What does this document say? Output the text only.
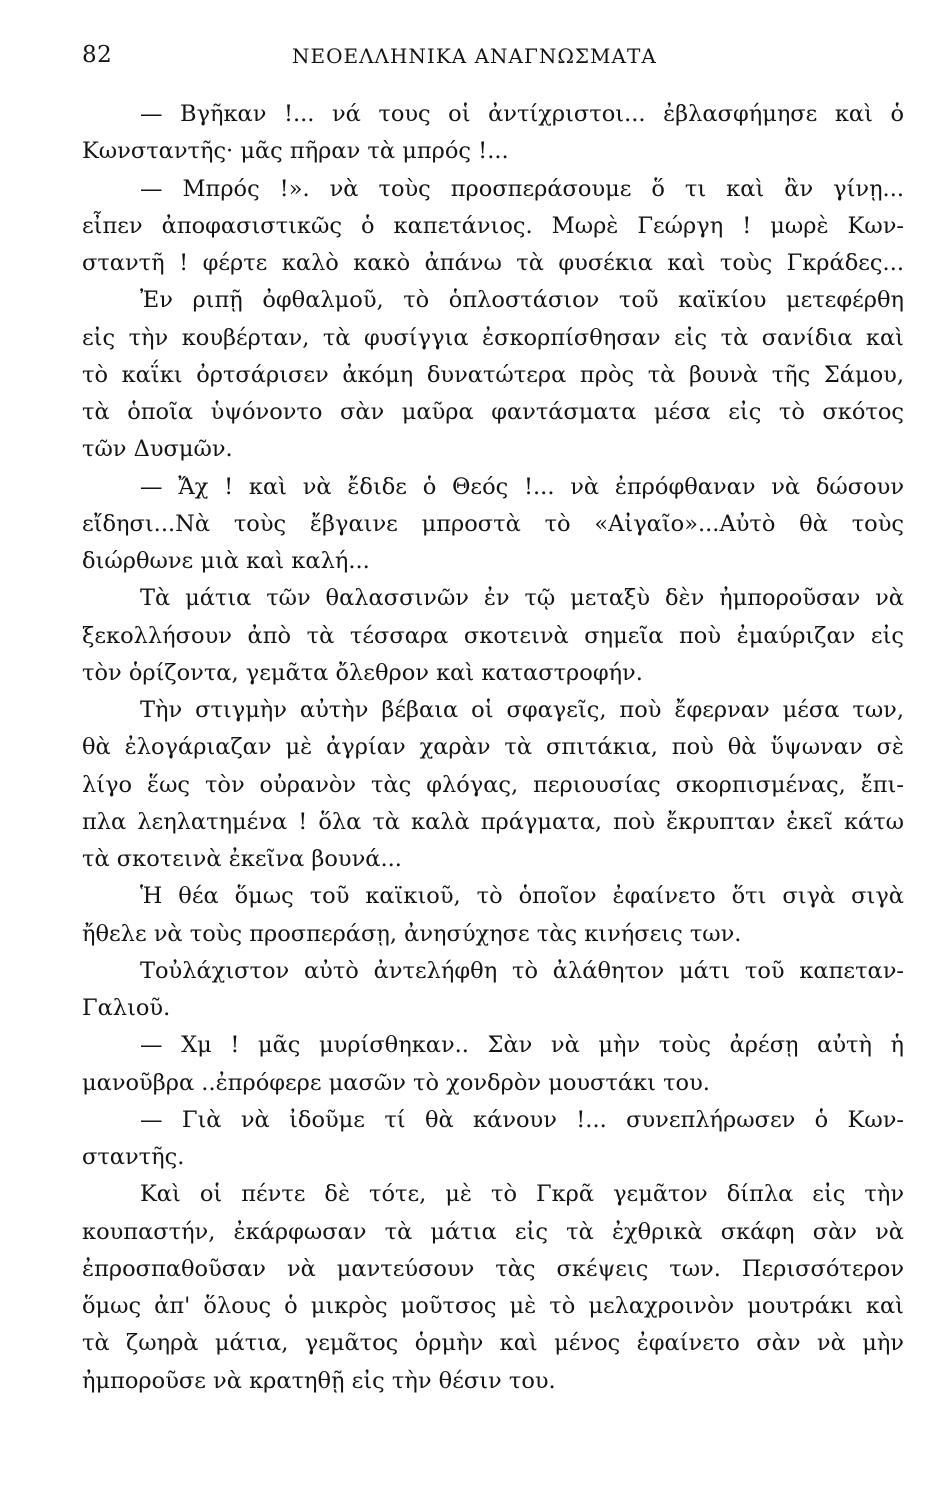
82	ΝΕΟΕΛΛΗΝΙΚΑ ΑΝΑΓΝΩΣΜΑΤΑ
— Βγῆκαν !... νά τους οἱ ἀντίχριστοι... ἐβλασφήμησε καὶ ὁ
Κωνσταντῆς· μᾶς πῆραν τὰ μπρός !...
— Μπρός !». νὰ τοὺς προσπεράσουμε ὅ τι καὶ ἂν γίνῃ...
εἶπεν ἀποφασιστικῶς ὁ καπετάνιος. Μωρὲ Γεώργη ! μωρὲ Κων-
σταντῆ ! φέρτε καλὸ κακὸ ἀπάνω τὰ φυσέκια καὶ τοὺς Γκράδες...
Ἐν ριπῇ ὀφθαλμοῦ, τὸ ὁπλοστάσιον τοῦ καϊκίου μετεφέρθη
εἰς τὴν κουβέρταν, τὰ φυσίγγια ἐσκορπίσθησαν εἰς τὰ σανίδια καὶ
τὸ καΐκι ὀρτσάρισεν ἀκόμη δυνατώτερα πρὸς τὰ βουνὰ τῆς Σάμου,
τὰ ὁποῖα ὑψόνοντο σὰν μαῦρα φαντάσματα μέσα εἰς τὸ σκότος
τῶν Δυσμῶν.
— Ἄχ ! καὶ νὰ ἔδιδε ὁ Θεός !... νὰ ἐπρόφθαναν νὰ δώσουν
εἴδησι...Νὰ τοὺς ἔβγαινε μπροστὰ τὸ «Αἰγαῖο»...Αὐτὸ θὰ τοὺς
διώρθωνε μιὰ καὶ καλή...
Τὰ μάτια τῶν θαλασσινῶν ἐν τῷ μεταξὺ δὲν ἠμποροῦσαν νὰ
ξεκολλήσουν ἀπὸ τὰ τέσσαρα σκοτεινὰ σημεῖα ποὺ ἐμαύριζαν εἰς
τὸν ὁρίζοντα, γεμᾶτα ὄλεθρον καὶ καταστροφήν.
Τὴν στιγμὴν αὐτὴν βέβαια οἱ σφαγεῖς, ποὺ ἔφερναν μέσα των,
θὰ ἐλογάριαζαν μὲ ἀγρίαν χαρὰν τὰ σπιτάκια, ποὺ θὰ ὕψωναν σὲ
λίγο ἕως τὸν οὐρανὸν τὰς φλόγας, περιουσίας σκορπισμένας, ἔπι-
πλα λεηλατημένα ! ὅλα τὰ καλὰ πράγματα, ποὺ ἔκρυπταν ἐκεῖ κάτω
τὰ σκοτεινὰ ἐκεῖνα βουνά...
Ἡ θέα ὅμως τοῦ καϊκιοῦ, τὸ ὁποῖον ἐφαίνετο ὅτι σιγὰ σιγὰ
ἤθελε νὰ τοὺς προσπεράσῃ, ἀνησύχησε τὰς κινήσεις των.
Τοὐλάχιστον αὐτὸ ἀντελήφθη τὸ ἀλάθητον μάτι τοῦ καπεταν-
Γαλιοῦ.
— Χμ ! μᾶς μυρίσθηκαν.. Σὰν νὰ μὴν τοὺς ἀρέσῃ αὐτὴ ἡ
μανοῦβρα ..ἐπρόφερε μασῶν τὸ χονδρὸν μουστάκι του.
— Γιὰ νὰ ἰδοῦμε τί θὰ κάνουν !... συνεπλήρωσεν ὁ Κων-
σταντῆς.
Καὶ οἱ πέντε δὲ τότε, μὲ τὸ Γκρᾶ γεμᾶτον δίπλα εἰς τὴν
κουπαστήν, ἐκάρφωσαν τὰ μάτια εἰς τὰ ἐχθρικὰ σκάφη σὰν νὰ
ἐπροσπαθοῦσαν νὰ μαντεύσουν τὰς σκέψεις των. Περισσότερον
ὅμως ἀπ' ὅλους ὁ μικρὸς μοῦτσος μὲ τὸ μελαχροινὸν μουτράκι καὶ
τὰ ζωηρὰ μάτια, γεμᾶτος ὁρμὴν καὶ μένος ἐφαίνετο σὰν νὰ μὴν
ἠμποροῦσε νὰ κρατηθῇ εἰς τὴν θέσιν του.
